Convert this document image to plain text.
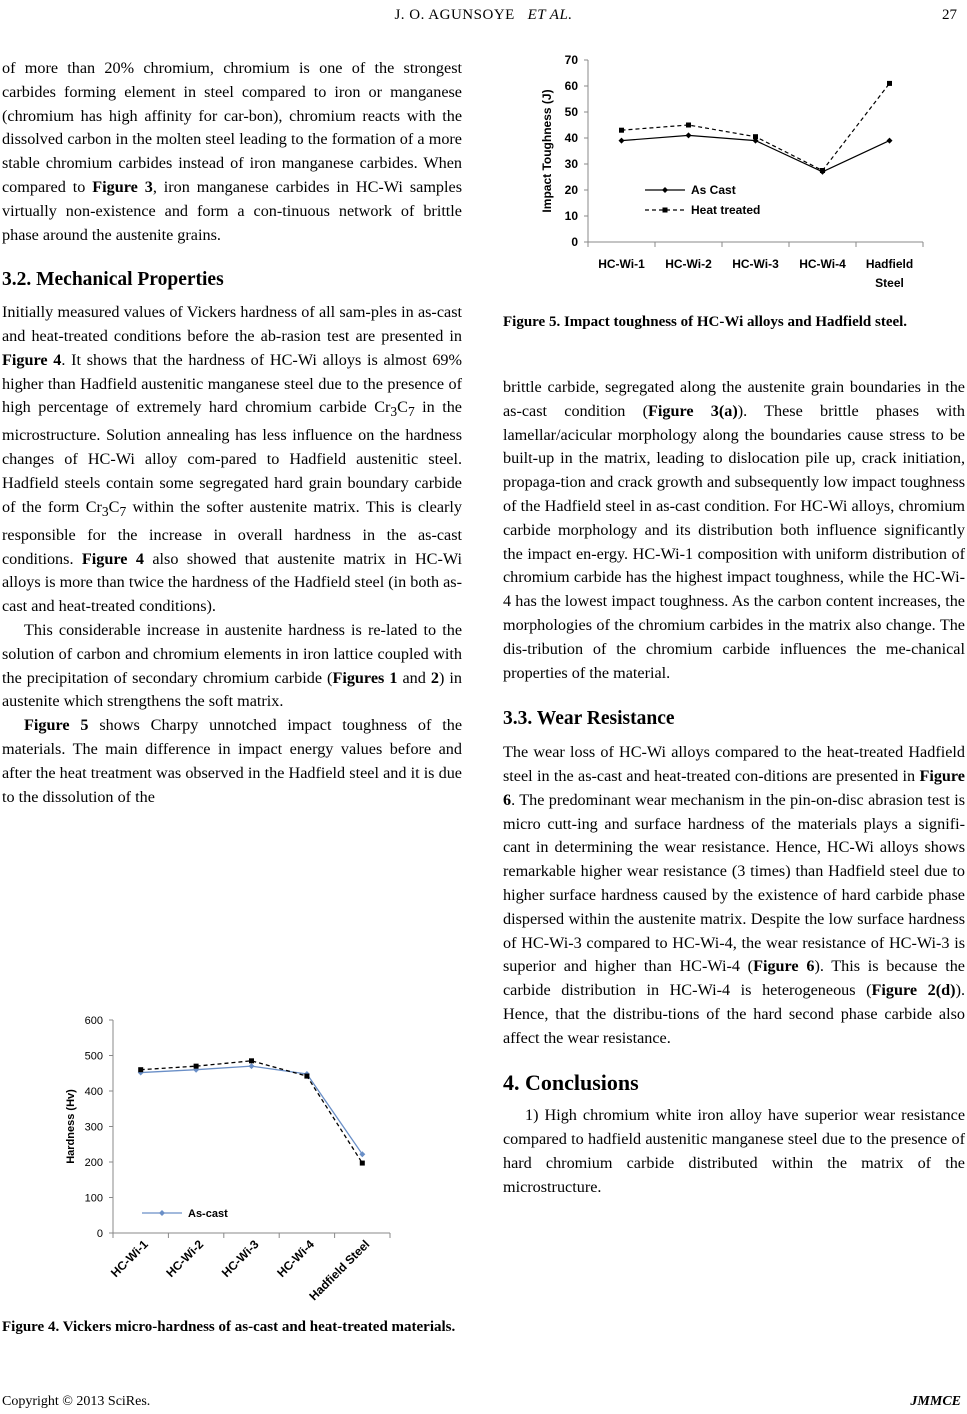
J. O. AGUNSOYE ET AL.	27

of more than 20% chromium, chromium is one of the strongest carbides forming element in steel compared to iron or manganese (chromium has high affinity for car-bon), chromium reacts with the dissolved carbon in the molten steel leading to the formation of a more stable chromium carbides instead of iron manganese carbides. When compared to Figure 3, iron manganese carbides in HC-Wi samples virtually non-existence and form a con-tinuous network of brittle phase around the austenite grains.

3.2. Mechanical Properties

Initially measured values of Vickers hardness of all sam-ples in as-cast and heat-treated conditions before the ab-rasion test are presented in Figure 4. It shows that the hardness of HC-Wi alloys is almost 69% higher than Hadfield austenitic manganese steel due to the presence of high percentage of extremely hard chromium carbide $Cr_3C_7$ in the microstructure. Solution annealing has less influence on the hardness changes of HC-Wi alloy com-pared to Hadfield austenitic steel. Hadfield steels contain some segregated hard grain boundary carbide of the form $Cr_3C_7$ within the softer austenite matrix. This is clearly responsible for the increase in overall hardness in the as-cast conditions. Figure 4 also showed that austenite matrix in HC-Wi alloys is more than twice the hardness of the Hadfield steel (in both as-cast and heat-treated conditions).

This considerable increase in austenite hardness is re-lated to the solution of carbon and chromium elements in iron lattice coupled with the precipitation of secondary chromium carbide (Figures 1 and 2) in austenite which strengthens the soft matrix.

Figure 5 shows Charpy unnotched impact toughness of the materials. The main difference in impact energy values before and after the heat treatment was observed in the Hadfield steel and it is due to the dissolution of the

0
100
200
300
400
500
600
HC-Wi-1 HC-Wi-2 HC-Wi-3 HC-Wi-4
Hadfield Steel
Hardness (Hv)
As-cast
Figure 4. Vickers micro-hardness of as-cast and heat-treated materials.
0
10
20
30
40
50
60
70
HC-Wi-1 HC-Wi-2 HC-Wi-3 HC-Wi-4 Hadfield
Steel
Impact Toughness (J)	As Cast
Heat treated
Figure 5. Impact toughness of HC-Wi alloys and Hadfield steel.

brittle carbide, segregated along the austenite grain boundaries in the as-cast condition (Figure 3(a)). These brittle phases with lamellar/acicular morphology along the boundaries cause stress to be built-up in the matrix, leading to dislocation pile up, crack initiation, propaga-tion and crack growth and subsequently low impact toughness of the Hadfield steel in as-cast condition. For HC-Wi alloys, chromium carbide morphology and its distribution both influence significantly the impact en-ergy. HC-Wi-1 composition with uniform distribution of chromium carbide has the highest impact toughness, while the HC-Wi-4 has the lowest impact toughness. As the carbon content increases, the morphologies of the chromium carbides in the matrix also change. The dis-tribution of the chromium carbide influences the me-chanical properties of the material.

3.3. Wear Resistance

The wear loss of HC-Wi alloys compared to the heat-treated Hadfield steel in the as-cast and heat-treated con-ditions are presented in Figure 6. The predominant wear mechanism in the pin-on-disc abrasion test is micro cutt-ing and surface hardness of the materials plays a signifi-cant in determining the wear resistance. Hence, HC-Wi alloys shows remarkable higher wear resistance (3 times) than Hadfield steel due to higher surface hardness caused by the existence of hard carbide phase dispersed within the austenite matrix. Despite the low surface hardness of HC-Wi-3 compared to HC-Wi-4, the wear resistance of HC-Wi-3 is superior and higher than HC-Wi-4 (Figure 6). This is because the carbide distribution in HC-Wi-4 is heterogeneous (Figure 2(d)). Hence, that the distribu-tions of the hard second phase carbide also affect the wear resistance.

4. Conclusions

1) High chromium white iron alloy have superior wear resistance compared to hadfield austenitic manganese steel due to the presence of hard chromium carbide distributed within the matrix of the microstructure.

Copyright © 2013 SciRes.	JMMCE
